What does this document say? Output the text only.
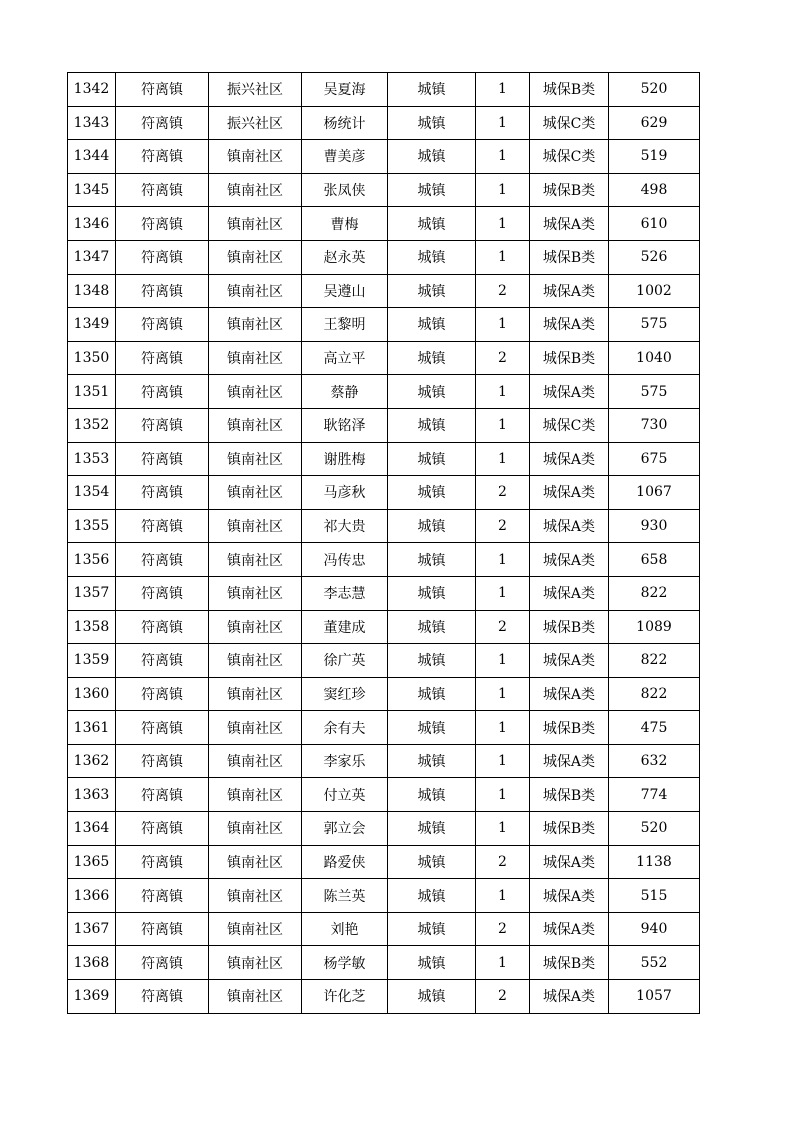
1342	符离镇	振兴社区	吴夏海	城镇	1	城保B类	520
1343	符离镇	振兴社区	杨统计	城镇	1	城保C类	629
1344	符离镇	镇南社区	曹美彦	城镇	1	城保C类	519
1345	符离镇	镇南社区	张凤侠	城镇	1	城保B类	498
1346	符离镇	镇南社区	曹梅	城镇	1	城保A类	610
1347	符离镇	镇南社区	赵永英	城镇	1	城保B类	526
1348	符离镇	镇南社区	吴遵山	城镇	2	城保A类	1002
1349	符离镇	镇南社区	王黎明	城镇	1	城保A类	575
1350	符离镇	镇南社区	高立平	城镇	2	城保B类	1040
1351	符离镇	镇南社区	蔡静	城镇	1	城保A类	575
1352	符离镇	镇南社区	耿铭泽	城镇	1	城保C类	730
1353	符离镇	镇南社区	谢胜梅	城镇	1	城保A类	675
1354	符离镇	镇南社区	马彦秋	城镇	2	城保A类	1067
1355	符离镇	镇南社区	祁大贵	城镇	2	城保A类	930
1356	符离镇	镇南社区	冯传忠	城镇	1	城保A类	658
1357	符离镇	镇南社区	李志慧	城镇	1	城保A类	822
1358	符离镇	镇南社区	董建成	城镇	2	城保B类	1089
1359	符离镇	镇南社区	徐广英	城镇	1	城保A类	822
1360	符离镇	镇南社区	窦红珍	城镇	1	城保A类	822
1361	符离镇	镇南社区	余有夫	城镇	1	城保B类	475
1362	符离镇	镇南社区	李家乐	城镇	1	城保A类	632
1363	符离镇	镇南社区	付立英	城镇	1	城保B类	774
1364	符离镇	镇南社区	郭立会	城镇	1	城保B类	520
1365	符离镇	镇南社区	路爱侠	城镇	2	城保A类	1138
1366	符离镇	镇南社区	陈兰英	城镇	1	城保A类	515
1367	符离镇	镇南社区	刘艳	城镇	2	城保A类	940
1368	符离镇	镇南社区	杨学敏	城镇	1	城保B类	552
1369	符离镇	镇南社区	许化芝	城镇	2	城保A类	1057
